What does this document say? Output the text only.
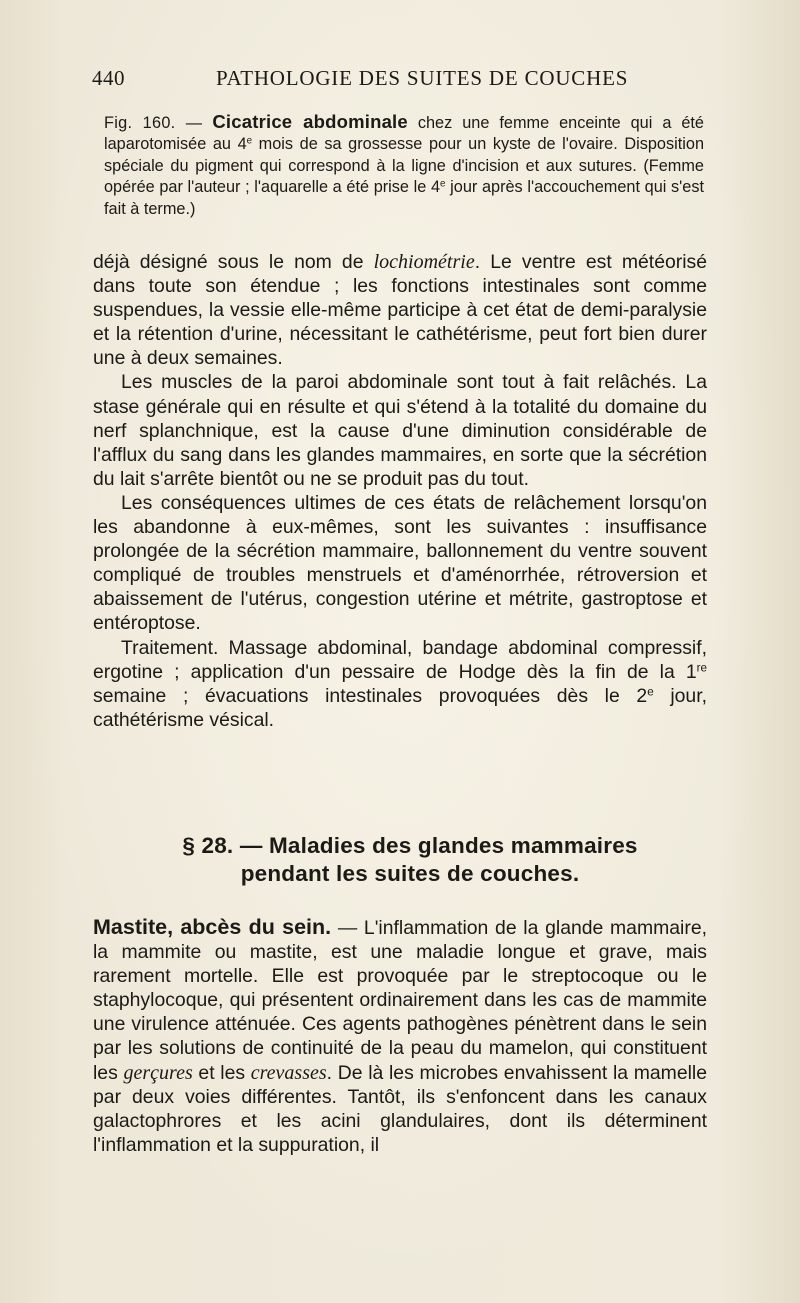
440	PATHOLOGIE DES SUITES DE COUCHES
Fig. 160. — Cicatrice abdominale chez une femme enceinte qui a été laparotomisée au 4e mois de sa grossesse pour un kyste de l'ovaire. Disposition spéciale du pigment qui correspond à la ligne d'incision et aux sutures. (Femme opérée par l'auteur ; l'aquarelle a été prise le 4e jour après l'accouchement qui s'est fait à terme.)

déjà désigné sous le nom de lochiométrie. Le ventre est météorisé dans toute son étendue ; les fonctions intestinales sont comme suspendues, la vessie elle-même participe à cet état de demi-paralysie et la rétention d'urine, nécessitant le cathétérisme, peut fort bien durer une à deux semaines.

Les muscles de la paroi abdominale sont tout à fait relâchés. La stase générale qui en résulte et qui s'étend à la totalité du domaine du nerf splanchnique, est la cause d'une diminution considérable de l'afflux du sang dans les glandes mammaires, en sorte que la sécrétion du lait s'arrête bientôt ou ne se produit pas du tout.

Les conséquences ultimes de ces états de relâchement lorsqu'on les abandonne à eux-mêmes, sont les suivantes : insuffisance prolongée de la sécrétion mammaire, ballonnement du ventre souvent compliqué de troubles menstruels et d'aménorrhée, rétroversion et abaissement de l'utérus, congestion utérine et métrite, gastroptose et entéroptose.

Traitement. Massage abdominal, bandage abdominal compressif, ergotine ; application d'un pessaire de Hodge dès la fin de la 1re semaine ; évacuations intestinales provoquées dès le 2e jour, cathétérisme vésical.

§ 28. — Maladies des glandes mammaires
pendant les suites de couches.

Mastite, abcès du sein. — L'inflammation de la glande mammaire, la mammite ou mastite, est une maladie longue et grave, mais rarement mortelle. Elle est provoquée par le streptocoque ou le staphylocoque, qui présentent ordinairement dans les cas de mammite une virulence atténuée. Ces agents pathogènes pénètrent dans le sein par les solutions de continuité de la peau du mamelon, qui constituent les gerçures et les crevasses. De là les microbes envahissent la mamelle par deux voies différentes. Tantôt, ils s'enfoncent dans les canaux galactophrores et les acini glandulaires, dont ils déterminent l'inflammation et la suppuration, il
